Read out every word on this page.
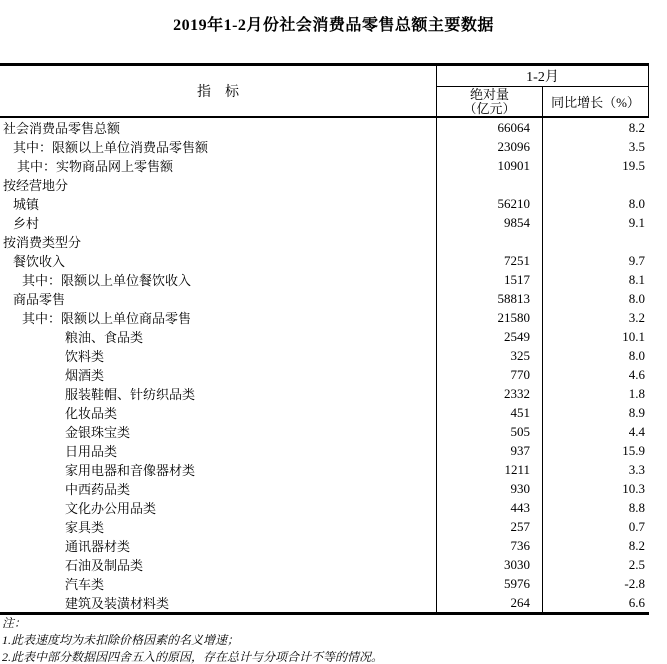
2019年1-2月份社会消费品零售总额主要数据
指　标
1-2月
绝对量
（亿元）	同比增长（%）
社会消费品零售总额	66064	8.2
其中：限额以上单位消费品零售额	23096	3.5
其中：实物商品网上零售额	10901	19.5
按经营地分
城镇	56210	8.0
乡村	9854	9.1
按消费类型分
餐饮收入	7251	9.7
其中：限额以上单位餐饮收入	1517	8.1
商品零售	58813	8.0
其中：限额以上单位商品零售	21580	3.2
粮油、食品类	2549	10.1
饮料类	325	8.0
烟酒类	770	4.6
服装鞋帽、针纺织品类	2332	1.8
化妆品类	451	8.9
金银珠宝类	505	4.4
日用品类	937	15.9
家用电器和音像器材类	1211	3.3
中西药品类	930	10.3
文化办公用品类	443	8.8
家具类	257	0.7
通讯器材类	736	8.2
石油及制品类	3030	2.5
汽车类	5976	-2.8
建筑及装潢材料类	264	6.6
注：
1.此表速度均为未扣除价格因素的名义增速；
2.此表中部分数据因四舍五入的原因，存在总计与分项合计不等的情况。
